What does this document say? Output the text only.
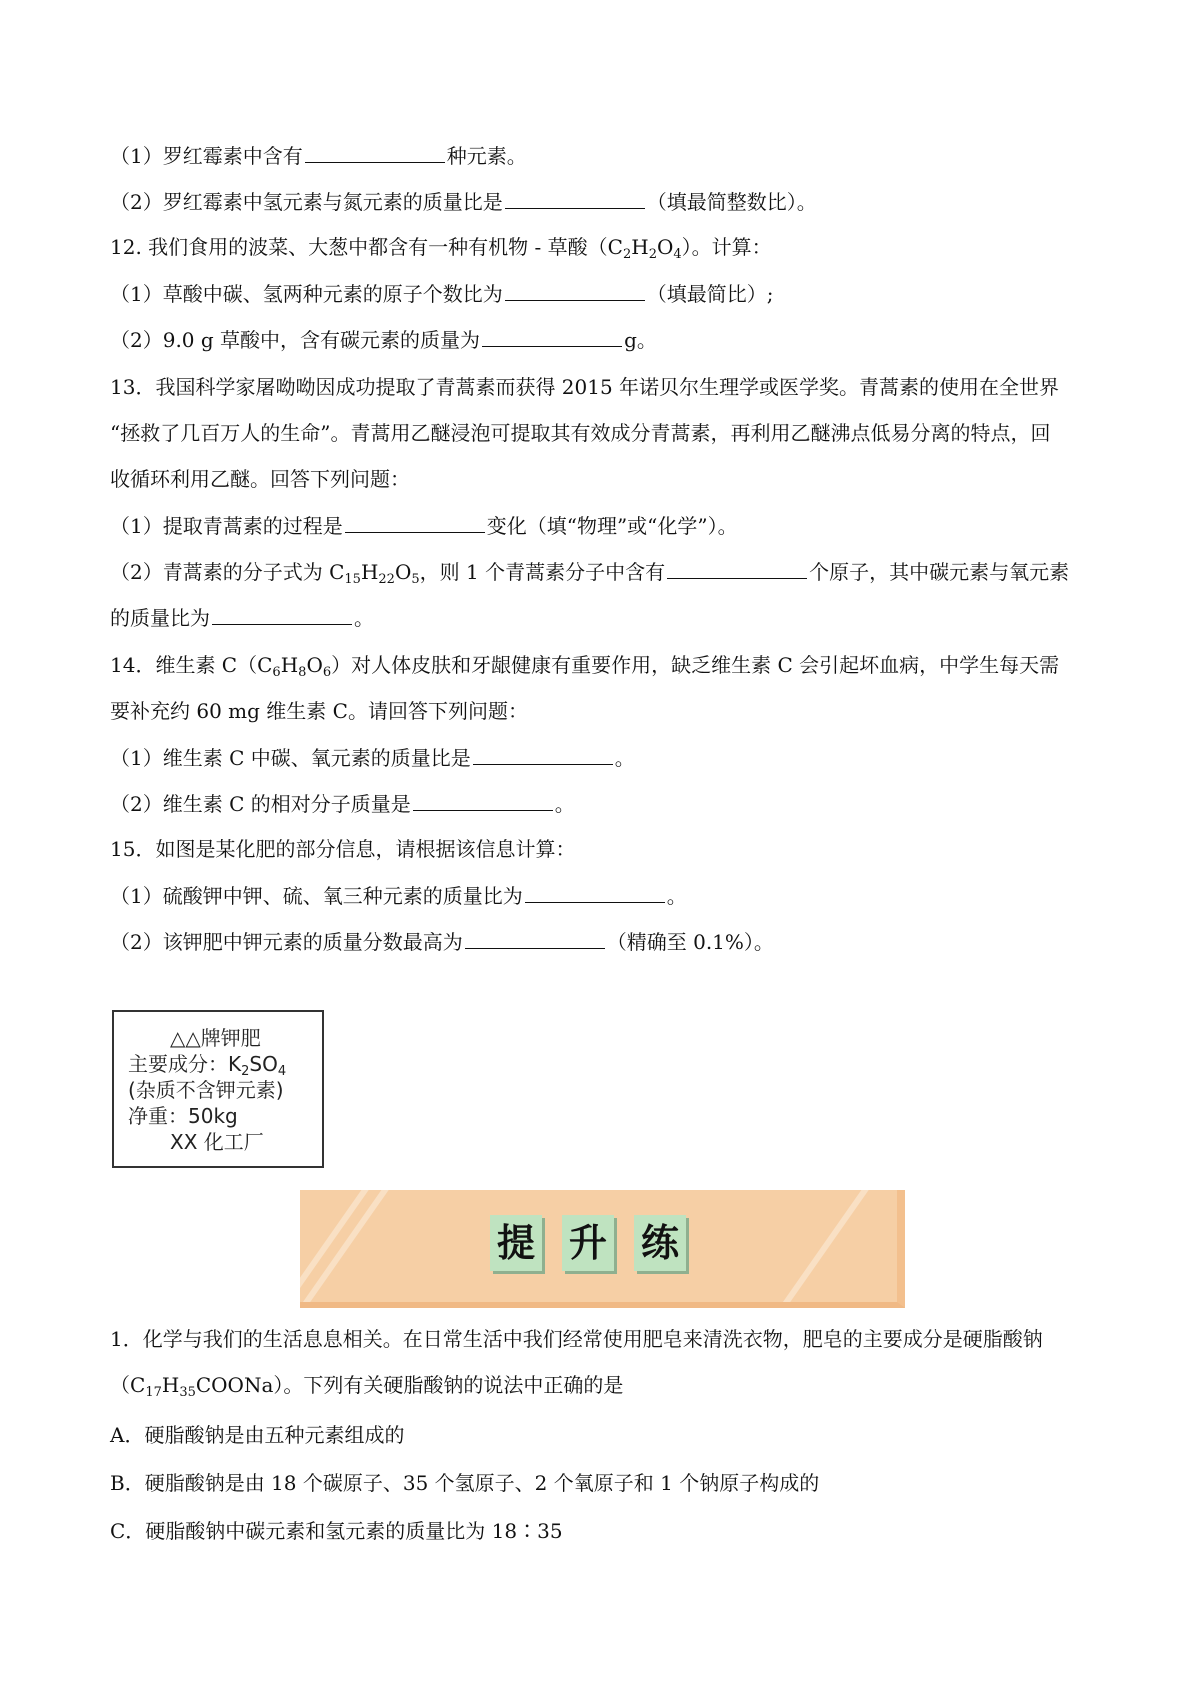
（1）罗红霉素中含有	种元素。
（2）罗红霉素中氢元素与氮元素的质量比是	（填最简整数比）。
12. 我们食用的波菜、大葱中都含有一种有机物 - 草酸$(C_2H_2O_4)$。计算：
（1）草酸中碳、氢两种元素的原子个数比为	（填最简比）;
（2）9.0 g 草酸中，含有碳元素的质量为	g。
13．我国科学家屠呦呦因成功提取了青蒿素而获得 2015 年诺贝尔生理学或医学奖。青蒿素的使用在全世界
“拯救了几百万人的生命”。青蒿用乙醚浸泡可提取其有效成分青蒿素，再利用乙醚沸点低易分离的特点，回
收循环利用乙醚。回答下列问题：
（1）提取青蒿素的过程是	变化（填“物理”或“化学”）。
（2）青蒿素的分子式为 $C_{15}H_{22}O_5$，则 1 个青蒿素分子中含有	个原子，其中碳元素与氧元素
的质量比为	。
14．维生素 $C(C_6H_8O_6)$对人体皮肤和牙龈健康有重要作用，缺乏维生素 C 会引起坏血病，中学生每天需
要补充约 60 mg 维生素 C。请回答下列问题：
（1）维生素 C 中碳、氧元素的质量比是	。
（2）维生素 C 的相对分子质量是	。
15．如图是某化肥的部分信息，请根据该信息计算：
（1）硫酸钾中钾、硫、氧三种元素的质量比为	。
（2）该钾肥中钾元素的质量分数最高为	（精确至 0.1%）。
△△牌钾肥
主要成分：$K_2SO_4$
(杂质不含钾元素)
净重：50kg
XX 化工厂
提 升 练
1．化学与我们的生活息息相关。在日常生活中我们经常使用肥皂来清洗衣物，肥皂的主要成分是硬脂酸钠
$(C_{17}H_{35}COONa)$。下列有关硬脂酸钠的说法中正确的是
A．硬脂酸钠是由五种元素组成的
B．硬脂酸钠是由 18 个碳原子、35 个氢原子、2 个氧原子和 1 个钠原子构成的
C．硬脂酸钠中碳元素和氢元素的质量比为 18∶35
